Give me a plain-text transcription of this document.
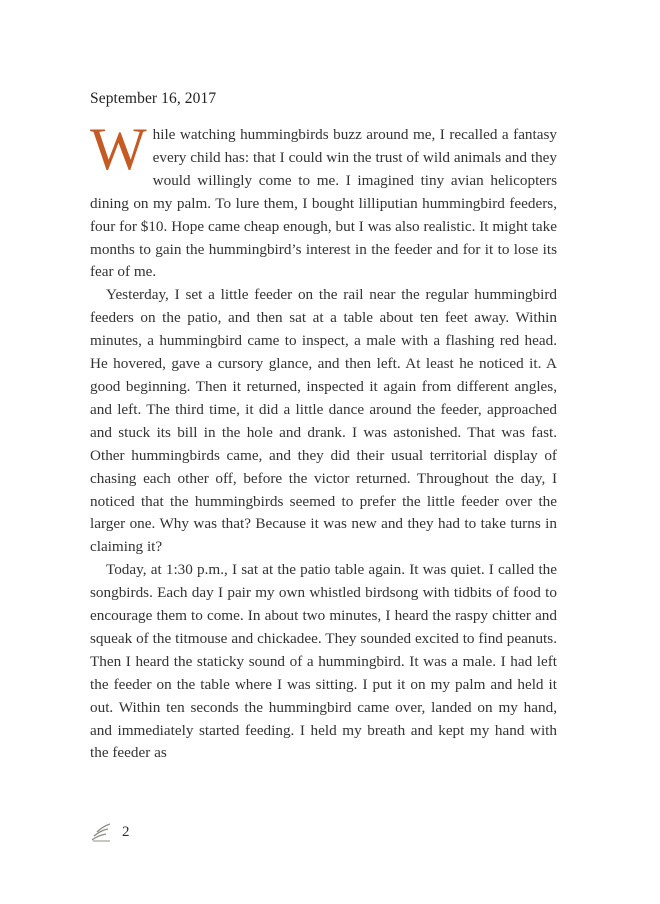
September 16, 2017

While watching hummingbirds buzz around me, I recalled a fantasy every child has: that I could win the trust of wild animals and they would willingly come to me. I imagined tiny avian helicopters dining on my palm. To lure them, I bought lilliputian hummingbird feeders, four for $10. Hope came cheap enough, but I was also realistic. It might take months to gain the hummingbird’s interest in the feeder and for it to lose its fear of me.

Yesterday, I set a little feeder on the rail near the regular hummingbird feeders on the patio, and then sat at a table about ten feet away. Within minutes, a hummingbird came to inspect, a male with a flashing red head. He hovered, gave a cursory glance, and then left. At least he noticed it. A good beginning. Then it returned, inspected it again from different angles, and left. The third time, it did a little dance around the feeder, approached and stuck its bill in the hole and drank. I was astonished. That was fast. Other hummingbirds came, and they did their usual territorial display of chasing each other off, before the victor returned. Throughout the day, I noticed that the hummingbirds seemed to prefer the little feeder over the larger one. Why was that? Because it was new and they had to take turns in claiming it?

Today, at 1:30 p.m., I sat at the patio table again. It was quiet. I called the songbirds. Each day I pair my own whistled birdsong with tidbits of food to encourage them to come. In about two minutes, I heard the raspy chitter and squeak of the titmouse and chickadee. They sounded excited to find peanuts. Then I heard the staticky sound of a hummingbird. It was a male. I had left the feeder on the table where I was sitting. I put it on my palm and held it out. Within ten seconds the hummingbird came over, landed on my hand, and immediately started feeding. I held my breath and kept my hand with the feeder as

2
